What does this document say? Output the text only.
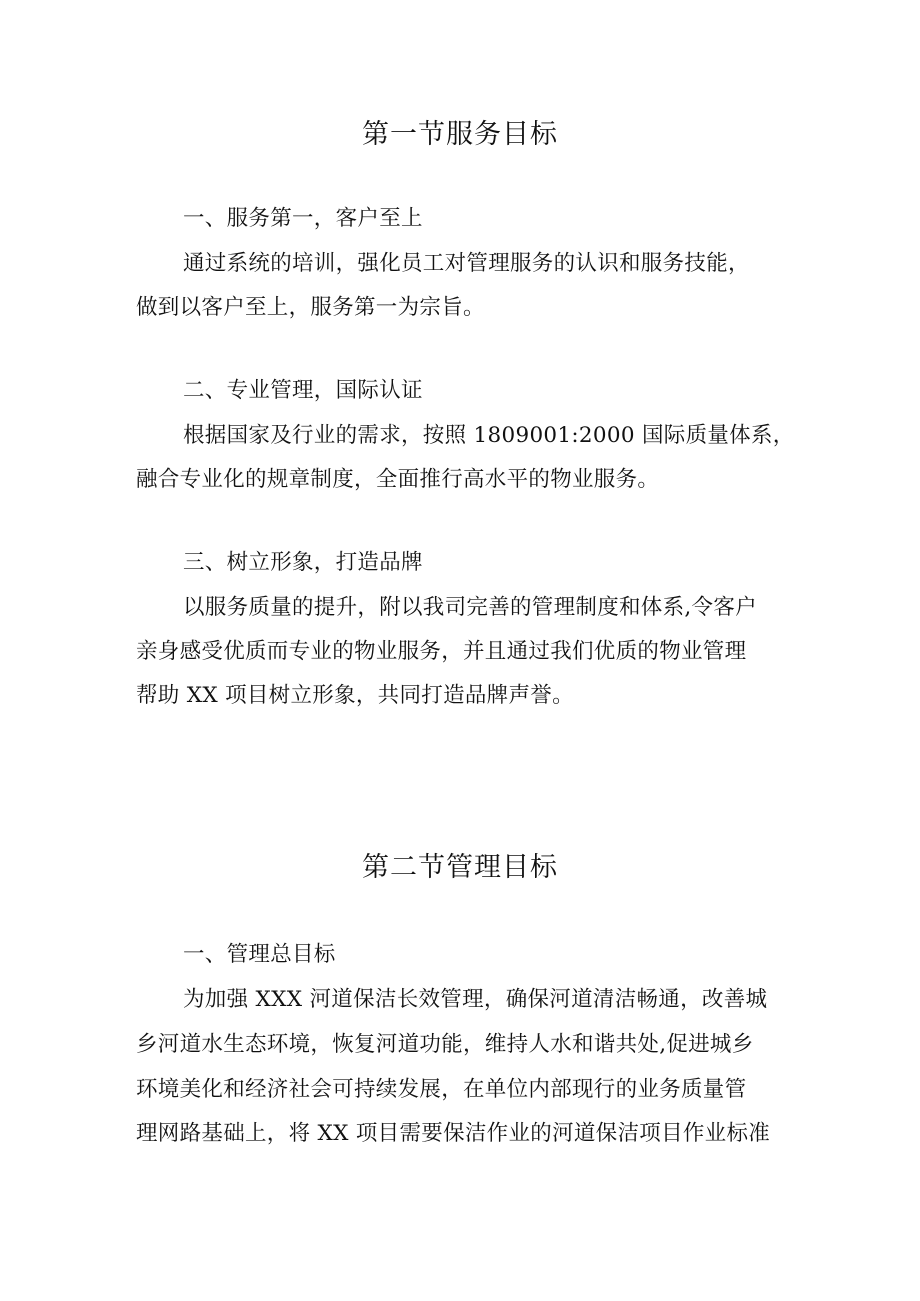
第一节服务目标
一、服务第一，客户至上
通过系统的培训，强化员工对管理服务的认识和服务技能，
做到以客户至上，服务第一为宗旨。
二、专业管理，国际认证
根据国家及行业的需求，按照 1809001:2000 国际质量体系，
融合专业化的规章制度，全面推行高水平的物业服务。
三、树立形象，打造品牌
以服务质量的提升，附以我司完善的管理制度和体系,令客户
亲身感受优质而专业的物业服务，并且通过我们优质的物业管理
帮助 XX 项目树立形象，共同打造品牌声誉。
第二节管理目标
一、管理总目标
为加强 XXX 河道保洁长效管理，确保河道清洁畅通，改善城
乡河道水生态环境，恢复河道功能，维持人水和谐共处,促进城乡
环境美化和经济社会可持续发展，在单位内部现行的业务质量管
理网路基础上，将 XX 项目需要保洁作业的河道保洁项目作业标准
